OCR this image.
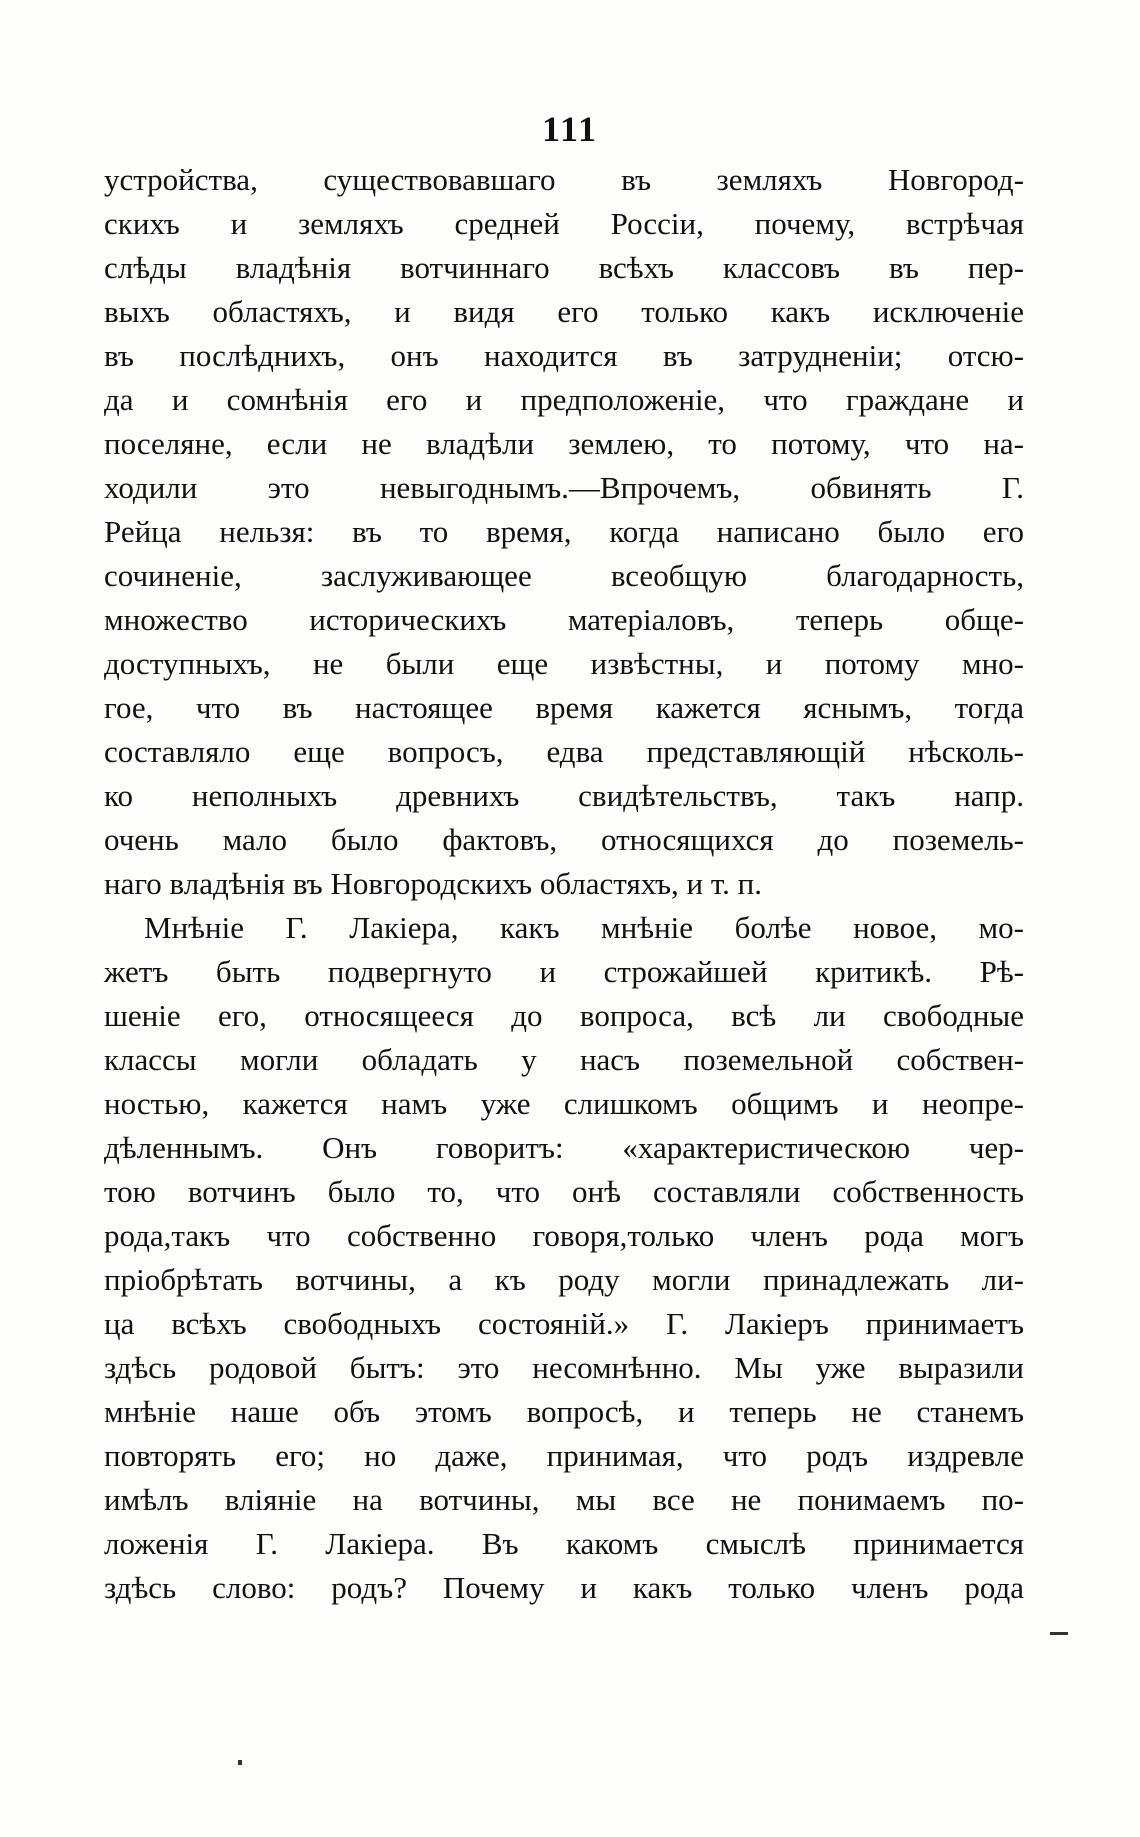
111
устройства, существовавшаго въ земляхъ Новгород-
скихъ и земляхъ средней Россіи, почему, встрѣчая
слѣды владѣнія вотчиннаго всѣхъ классовъ въ пер-
выхъ областяхъ, и видя его только какъ исключеніе
въ послѣднихъ, онъ находится въ затрудненіи; отсю-
да и сомнѣнія его и предположеніе, что граждане и
поселяне, если не владѣли землею, то потому, что на-
ходили это невыгоднымъ.—Впрочемъ, обвинять Г.
Рейца нельзя: въ то время, когда написано было его
сочиненіе, заслуживающее всеобщую благодарность,
множество историческихъ матеріаловъ, теперь обще-
доступныхъ, не были еще извѣстны, и потому мно-
гое, что въ настоящее время кажется яснымъ, тогда
составляло еще вопросъ, едва представляющій нѣсколь-
ко неполныхъ древнихъ свидѣтельствъ, такъ напр.
очень мало было фактовъ, относящихся до поземель-
наго владѣнія въ Новгородскихъ областяхъ, и т. п.
Мнѣніе Г. Лакіера, какъ мнѣніе болѣе новое, мо-
жетъ быть подвергнуто и строжайшей критикѣ. Рѣ-
шеніе его, относящееся до вопроса, всѣ ли свободные
классы могли обладать у насъ поземельной собствен-
ностью, кажется намъ уже слишкомъ общимъ и неопре-
дѣленнымъ. Онъ говоритъ: «характеристическою чер-
тою вотчинъ было то, что онѣ составляли собственность
рода,такъ что собственно говоря,только членъ рода могъ
пріобрѣтать вотчины, а къ роду могли принадлежать ли-
ца всѣхъ свободныхъ состояній.» Г. Лакіеръ принимаетъ
здѣсь родовой бытъ: это несомнѣнно. Мы уже выразили
мнѣніе наше объ этомъ вопросѣ, и теперь не станемъ
повторять его; но даже, принимая, что родъ издревле
имѣлъ вліяніе на вотчины, мы все не понимаемъ по-
ложенія Г. Лакіера. Въ какомъ смыслѣ принимается
здѣсь слово: родъ? Почему и какъ только членъ рода
